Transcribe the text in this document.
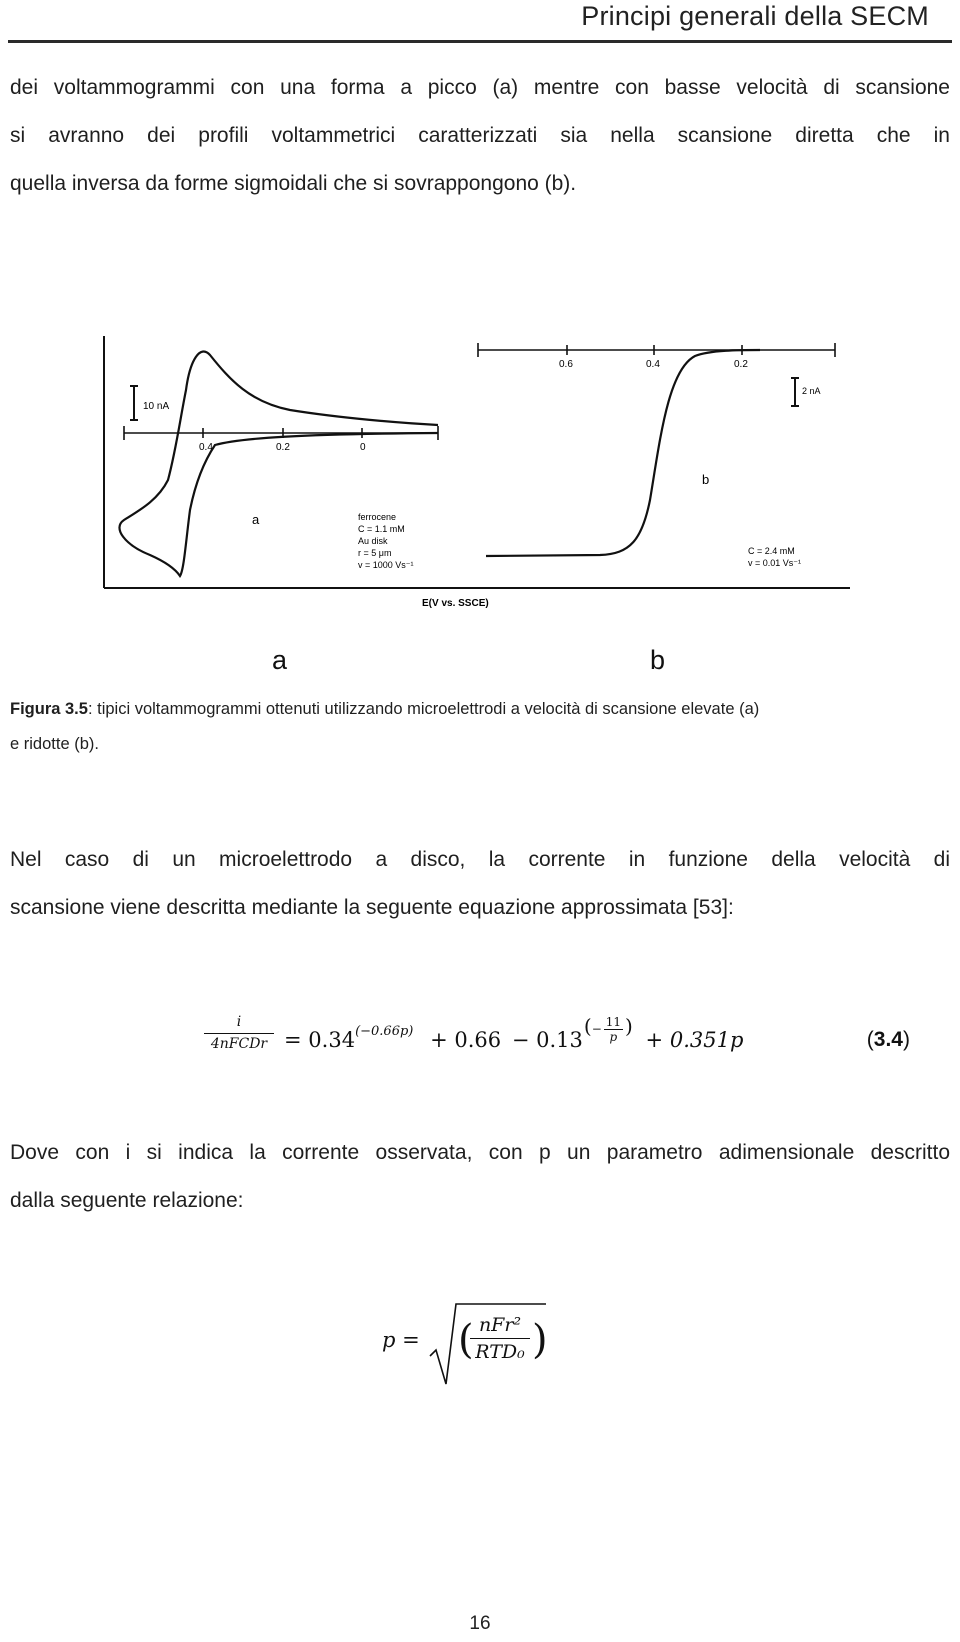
Principi generali della SECM
dei voltammogrammi con una forma a picco (a) mentre con basse velocità di scansione
si avranno dei profili voltammetrici caratterizzati sia nella scansione diretta che in
quella inversa da forme sigmoidali che si sovrappongono (b).
0.4	0.2	0
10 nA
a	ferrocene
C = 1.1 mM
Au disk
r = 5 μm
v = 1000 Vs⁻¹
0.6	0.4	0.2
2 nA
b
C = 2.4 mM
v = 0.01 Vs⁻¹
E(V vs. SSCE)
a	b
Figura 3.5: tipici voltammogrammi ottenuti utilizzando microelettrodi a velocità di scansione elevate (a)
e ridotte (b).
Nel caso di un microelettrodo a disco, la corrente in funzione della velocità di
scansione viene descritta mediante la seguente equazione approssimata [53]:
i
4nFCDr = $0.34^{(-0.66p)} + 0.66 - 0.13(- \frac{11}{p}$ ) + 0.351p	(3.4)
Dove con i si indica la corrente osservata, con p un parametro adimensionale descritto
dalla seguente relazione:
p = ( nFr²
RTD₀ )
16
